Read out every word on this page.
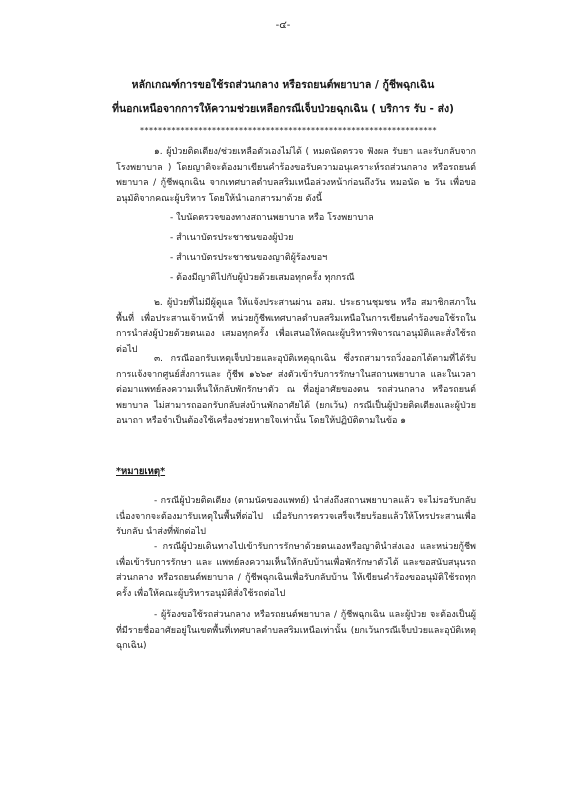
-๔-
หลักเกณฑ์การขอใช้รถส่วนกลาง หรือรถยนต์พยาบาล / กู้ชีพฉุกเฉิน
ที่นอกเหนือจากการให้ความช่วยเหลือกรณีเจ็บป่วยฉุกเฉิน ( บริการ รับ - ส่ง)
******************************************************************

๑. ผู้ป่วยติดเตียง/ช่วยเหลือตัวเองไม่ได้ ( หมดนัดตรวจ ฟังผล รับยา และรับกลับจากโรงพยาบาล ) โดยญาติจะต้องมาเขียนคำร้องขอรับความอนุเคราะห์รถส่วนกลาง หรือรถยนต์พยาบาล / กู้ชีพฉุกเฉิน จากเทศบาลตำบลสริมเหนือล่วงหน้าก่อนถึงวัน หมอนัด ๒ วัน เพื่อขออนุมัติจากคณะผู้บริหาร โดยให้นำเอกสารมาด้วย ดังนี้

- ใบนัดตรวจของทางสถานพยาบาล หรือ โรงพยาบาล
- สำเนาบัตรประชาชนของผู้ป่วย
- สำเนาบัตรประชาชนของญาติผู้ร้องขอฯ
- ต้องมีญาติไปกับผู้ป่วยด้วยเสมอทุกครั้ง ทุกกรณี

๒. ผู้ป่วยที่ไม่มีผู้ดูแล ให้แจ้งประสานผ่าน อสม. ประธานชุมชน หรือ สมาชิกสภาในพื้นที่ เพื่อประสานเจ้าหน้าที่ หน่วยกู้ชีพเทศบาลตำบลสริมเหนือในการเขียนคำร้องขอใช้รถในการนำส่งผู้ป่วยด้วยตนเอง เสมอทุกครั้ง เพื่อเสนอให้คณะผู้บริหารพิจารณาอนุมัติและสั่งใช้รถต่อไป

๓. กรณีออกรับเหตุเจ็บป่วยและอุบัติเหตุฉุกเฉิน ซึ่งรถสามารถวิ่งออกได้ตามที่ได้รับการแจ้งจากศูนย์สั่งการและ กู้ชีพ ๑๖๖๙ ส่งตัวเข้ารับการรักษาในสถานพยาบาล และในเวลาต่อมาแพทย์ลงความเห็นให้กลับพักรักษาตัว ณ ที่อยู่อาศัยของตน รถส่วนกลาง หรือรถยนต์พยาบาล ไม่สามารถออกรับกลับส่งบ้านพักอาศัยได้ (ยกเว้น) กรณีเป็นผู้ป่วยติดเตียงและผู้ป่วยอนาถา หรือจำเป็นต้องใช้เครื่องช่วยหายใจเท่านั้น โดยให้ปฏิบัติตามในข้อ ๑

*หมายเหตุ*

- กรณีผู้ป่วยติดเตียง (ตามนัดของแพทย์) นำส่งถึงสถานพยาบาลแล้ว จะไม่รอรับกลับ เนื่องจากจะต้องมารับเหตุในพื้นที่ต่อไป เมื่อรับการตรวจเสร็จเรียบร้อยแล้วให้โทรประสานเพื่อรับกลับ นำส่งที่พักต่อไป

- กรณีผู้ป่วยเดินทางไปเข้ารับการรักษาด้วยตนเองหรือญาตินำส่งเอง และหน่วยกู้ชีพเพื่อเข้ารับการรักษา และ แพทย์ลงความเห็นให้กลับบ้านเพื่อพักรักษาตัวได้ และขอสนับสนุนรถส่วนกลาง หรือรถยนต์พยาบาล / กู้ชีพฉุกเฉินเพื่อรับกลับบ้าน ให้เขียนคำร้องขออนุมัติใช้รถทุกครั้ง เพื่อให้คณะผู้บริหารอนุมัติสั่งใช้รถต่อไป

- ผู้ร้องขอใช้รถส่วนกลาง หรือรถยนต์พยาบาล / กู้ชีพฉุกเฉิน และผู้ป่วย จะต้องเป็นผู้ที่มีรายชื่ออาศัยอยู่ในเขตพื้นที่เทศบาลตำบลสริมเหนือเท่านั้น (ยกเว้นกรณีเจ็บป่วยและอุบัติเหตุฉุกเฉิน)
